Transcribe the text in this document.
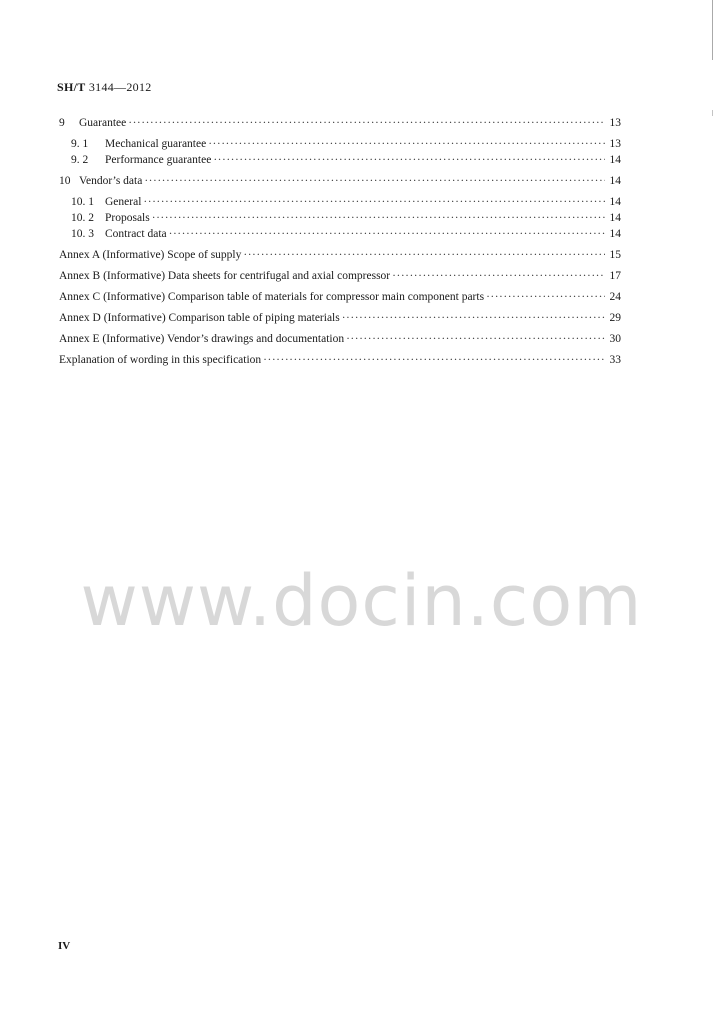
SH/T 3144—2012
9	Guarantee ·····	13
9. 1	Mechanical guarantee ·····	13
9. 2	Performance guarantee ·····	14
10 Vendor’s data ·····	14
10. 1 General ·····	14
10. 2 Proposals ·····	14
10. 3 Contract data ·····	14
Annex A (Informative) Scope of supply ·····	15
Annex B (Informative) Data sheets for centrifugal and axial compressor ·····	17
Annex C (Informative) Comparison table of materials for compressor main component parts ·····	24
Annex D (Informative) Comparison table of piping materials ·····	29
Annex E (Informative) Vendor’s drawings and documentation ·····	30
Explanation of wording in this specification ·····	33
www.docin.com
IV
